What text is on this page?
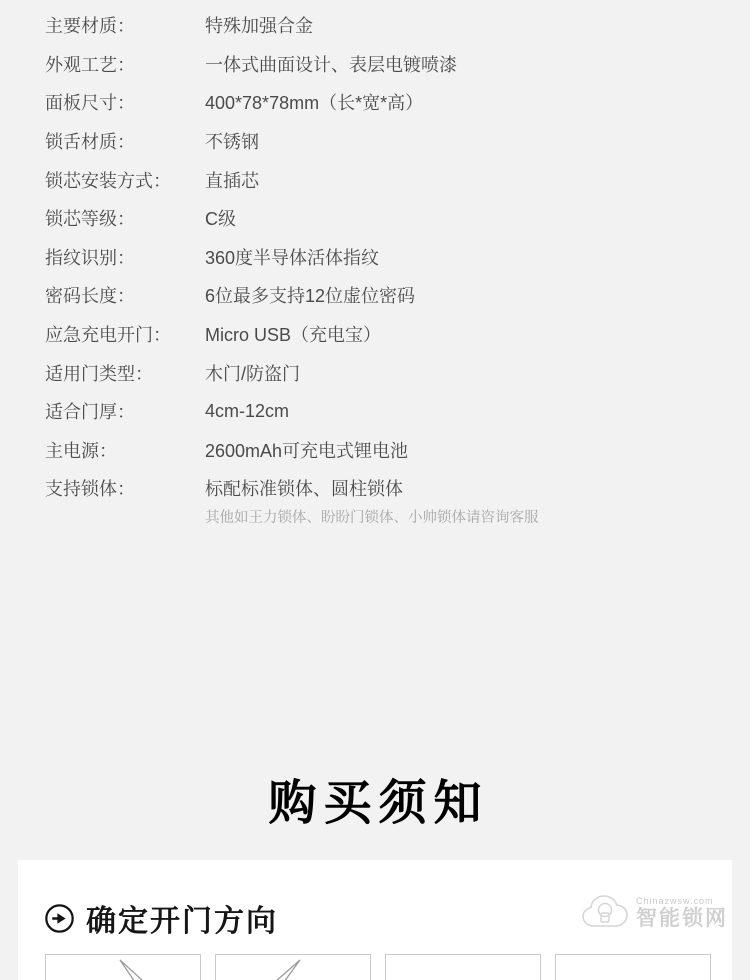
主要材质：	特殊加强合金
外观工艺：	一体式曲面设计、表层电镀喷漆
面板尺寸：	400*78*78mm（长*宽*高）
锁舌材质：	不锈钢
锁芯安装方式：	直插芯
锁芯等级：	C级
指纹识别：	360度半导体活体指纹
密码长度：	6位最多支持12位虚位密码
应急充电开门：	Micro USB（充电宝）
适用门类型：	木门/防盗门
适合门厚：	4cm-12cm
主电源：	2600mAh可充电式锂电池
支持锁体：	标配标准锁体、圆柱锁体
其他如王力锁体、盼盼门锁体、小帅锁体请咨询客服
购买须知
确定开门方向
Chinazwsw.com
智能锁网
